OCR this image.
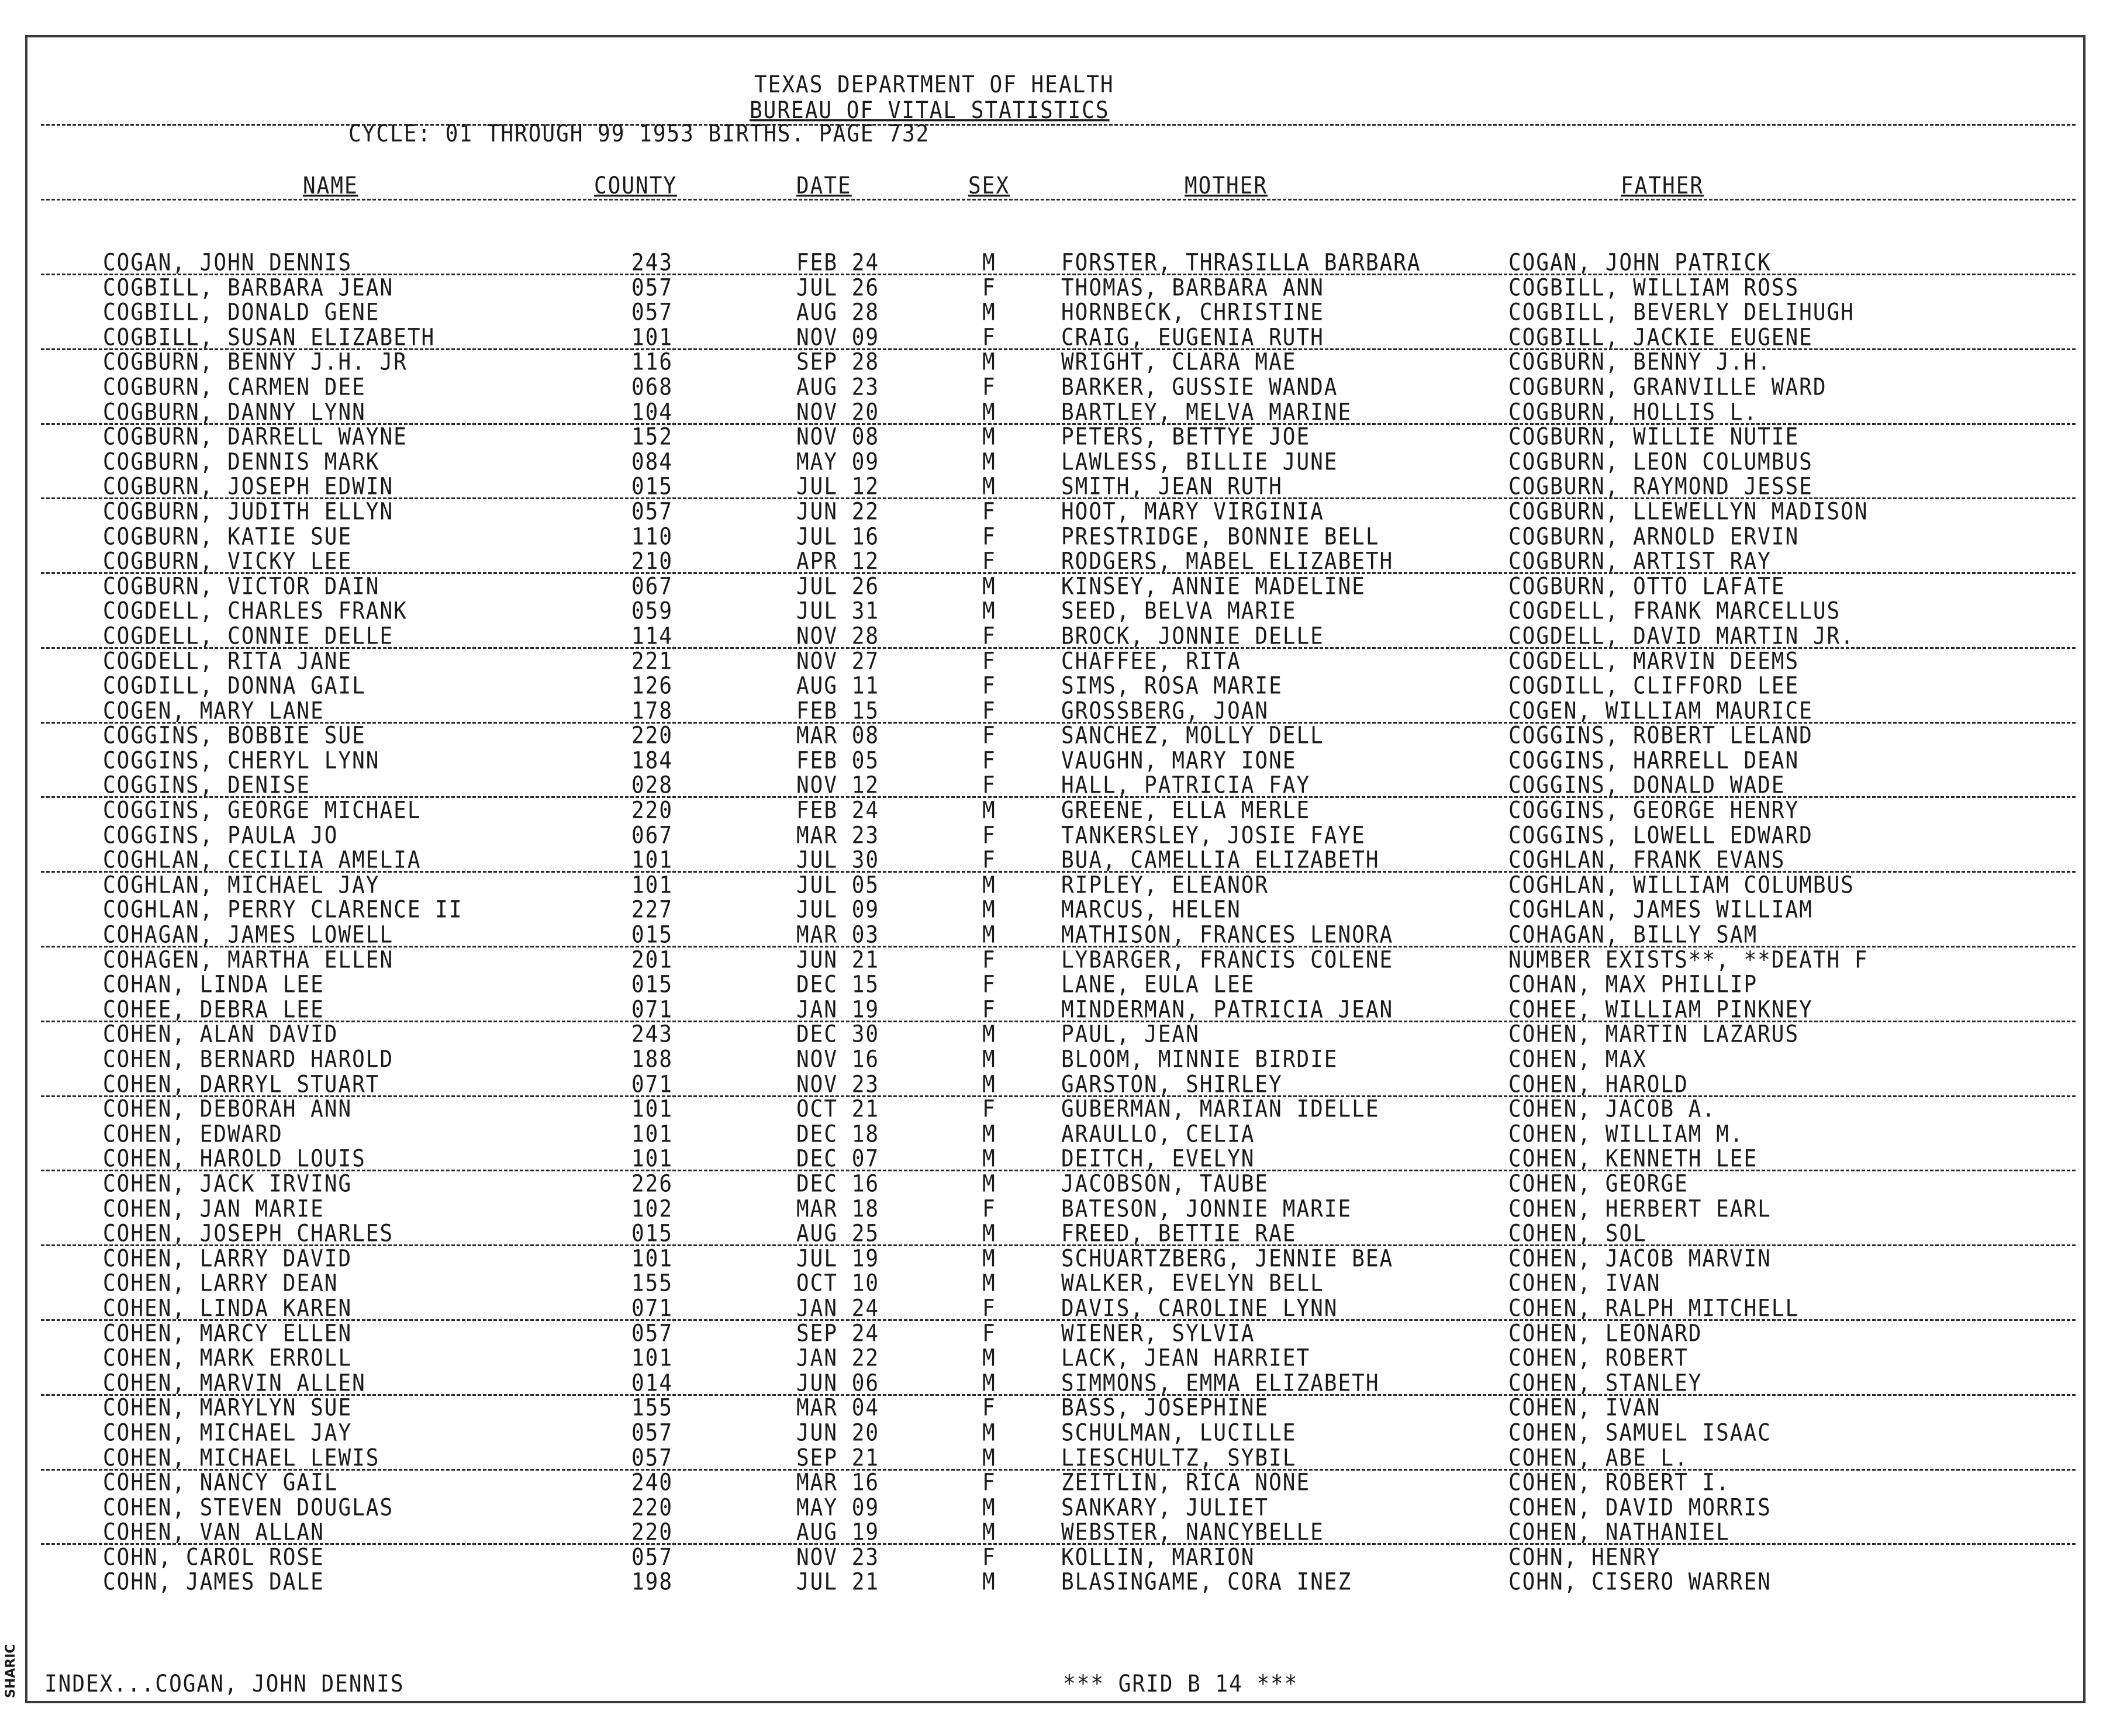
TEXAS DEPARTMENT OF HEALTH
BUREAU OF VITAL STATISTICS
CYCLE: 01 THROUGH 99 1953 BIRTHS. PAGE 732
NAME	COUNTY	DATE	SEX	MOTHER	FATHER
COGAN, JOHN DENNIS	243	FEB 24	M	FORSTER, THRASILLA BARBARA	COGAN, JOHN PATRICK
COGBILL, BARBARA JEAN	057	JUL 26	F	THOMAS, BARBARA ANN	COGBILL, WILLIAM ROSS
COGBILL, DONALD GENE	057	AUG 28	M	HORNBECK, CHRISTINE	COGBILL, BEVERLY DELIHUGH
COGBILL, SUSAN ELIZABETH	101	NOV 09	F	CRAIG, EUGENIA RUTH	COGBILL, JACKIE EUGENE
COGBURN, BENNY J.H. JR	116	SEP 28	M	WRIGHT, CLARA MAE	COGBURN, BENNY J.H.
COGBURN, CARMEN DEE	068	AUG 23	F	BARKER, GUSSIE WANDA	COGBURN, GRANVILLE WARD
COGBURN, DANNY LYNN	104	NOV 20	M	BARTLEY, MELVA MARINE	COGBURN, HOLLIS L.
COGBURN, DARRELL WAYNE	152	NOV 08	M	PETERS, BETTYE JOE	COGBURN, WILLIE NUTIE
COGBURN, DENNIS MARK	084	MAY 09	M	LAWLESS, BILLIE JUNE	COGBURN, LEON COLUMBUS
COGBURN, JOSEPH EDWIN	015	JUL 12	M	SMITH, JEAN RUTH	COGBURN, RAYMOND JESSE
COGBURN, JUDITH ELLYN	057	JUN 22	F	HOOT, MARY VIRGINIA	COGBURN, LLEWELLYN MADISON
COGBURN, KATIE SUE	110	JUL 16	F	PRESTRIDGE, BONNIE BELL	COGBURN, ARNOLD ERVIN
COGBURN, VICKY LEE	210	APR 12	F	RODGERS, MABEL ELIZABETH	COGBURN, ARTIST RAY
COGBURN, VICTOR DAIN	067	JUL 26	M	KINSEY, ANNIE MADELINE	COGBURN, OTTO LAFATE
COGDELL, CHARLES FRANK	059	JUL 31	M	SEED, BELVA MARIE	COGDELL, FRANK MARCELLUS
COGDELL, CONNIE DELLE	114	NOV 28	F	BROCK, JONNIE DELLE	COGDELL, DAVID MARTIN JR.
COGDELL, RITA JANE	221	NOV 27	F	CHAFFEE, RITA	COGDELL, MARVIN DEEMS
COGDILL, DONNA GAIL	126	AUG 11	F	SIMS, ROSA MARIE	COGDILL, CLIFFORD LEE
COGEN, MARY LANE	178	FEB 15	F	GROSSBERG, JOAN	COGEN, WILLIAM MAURICE
COGGINS, BOBBIE SUE	220	MAR 08	F	SANCHEZ, MOLLY DELL	COGGINS, ROBERT LELAND
COGGINS, CHERYL LYNN	184	FEB 05	F	VAUGHN, MARY IONE	COGGINS, HARRELL DEAN
COGGINS, DENISE	028	NOV 12	F	HALL, PATRICIA FAY	COGGINS, DONALD WADE
COGGINS, GEORGE MICHAEL	220	FEB 24	M	GREENE, ELLA MERLE	COGGINS, GEORGE HENRY
COGGINS, PAULA JO	067	MAR 23	F	TANKERSLEY, JOSIE FAYE	COGGINS, LOWELL EDWARD
COGHLAN, CECILIA AMELIA	101	JUL 30	F	BUA, CAMELLIA ELIZABETH	COGHLAN, FRANK EVANS
COGHLAN, MICHAEL JAY	101	JUL 05	M	RIPLEY, ELEANOR	COGHLAN, WILLIAM COLUMBUS
COGHLAN, PERRY CLARENCE II	227	JUL 09	M	MARCUS, HELEN	COGHLAN, JAMES WILLIAM
COHAGAN, JAMES LOWELL	015	MAR 03	M	MATHISON, FRANCES LENORA	COHAGAN, BILLY SAM
COHAGEN, MARTHA ELLEN	201	JUN 21	F	LYBARGER, FRANCIS COLENE	NUMBER EXISTS**, **DEATH F
COHAN, LINDA LEE	015	DEC 15	F	LANE, EULA LEE	COHAN, MAX PHILLIP
COHEE, DEBRA LEE	071	JAN 19	F	MINDERMAN, PATRICIA JEAN	COHEE, WILLIAM PINKNEY
COHEN, ALAN DAVID	243	DEC 30	M	PAUL, JEAN	COHEN, MARTIN LAZARUS
COHEN, BERNARD HAROLD	188	NOV 16	M	BLOOM, MINNIE BIRDIE	COHEN, MAX
COHEN, DARRYL STUART	071	NOV 23	M	GARSTON, SHIRLEY	COHEN, HAROLD
COHEN, DEBORAH ANN	101	OCT 21	F	GUBERMAN, MARIAN IDELLE	COHEN, JACOB A.
COHEN, EDWARD	101	DEC 18	M	ARAULLO, CELIA	COHEN, WILLIAM M.
COHEN, HAROLD LOUIS	101	DEC 07	M	DEITCH, EVELYN	COHEN, KENNETH LEE
COHEN, JACK IRVING	226	DEC 16	M	JACOBSON, TAUBE	COHEN, GEORGE
COHEN, JAN MARIE	102	MAR 18	F	BATESON, JONNIE MARIE	COHEN, HERBERT EARL
COHEN, JOSEPH CHARLES	015	AUG 25	M	FREED, BETTIE RAE	COHEN, SOL
COHEN, LARRY DAVID	101	JUL 19	M	SCHUARTZBERG, JENNIE BEA	COHEN, JACOB MARVIN
COHEN, LARRY DEAN	155	OCT 10	M	WALKER, EVELYN BELL	COHEN, IVAN
COHEN, LINDA KAREN	071	JAN 24	F	DAVIS, CAROLINE LYNN	COHEN, RALPH MITCHELL
COHEN, MARCY ELLEN	057	SEP 24	F	WIENER, SYLVIA	COHEN, LEONARD
COHEN, MARK ERROLL	101	JAN 22	M	LACK, JEAN HARRIET	COHEN, ROBERT
COHEN, MARVIN ALLEN	014	JUN 06	M	SIMMONS, EMMA ELIZABETH	COHEN, STANLEY
COHEN, MARYLYN SUE	155	MAR 04	F	BASS, JOSEPHINE	COHEN, IVAN
COHEN, MICHAEL JAY	057	JUN 20	M	SCHULMAN, LUCILLE	COHEN, SAMUEL ISAAC
COHEN, MICHAEL LEWIS	057	SEP 21	M	LIESCHULTZ, SYBIL	COHEN, ABE L.
COHEN, NANCY GAIL	240	MAR 16	F	ZEITLIN, RICA NONE	COHEN, ROBERT I.
COHEN, STEVEN DOUGLAS	220	MAY 09	M	SANKARY, JULIET	COHEN, DAVID MORRIS
COHEN, VAN ALLAN	220	AUG 19	M	WEBSTER, NANCYBELLE	COHEN, NATHANIEL
COHN, CAROL ROSE	057	NOV 23	F	KOLLIN, MARION	COHN, HENRY
COHN, JAMES DALE	198	JUL 21	M	BLASINGAME, CORA INEZ	COHN, CISERO WARREN
INDEX...COGAN, JOHN DENNIS	*** GRID B 14 ***
SHARIC
